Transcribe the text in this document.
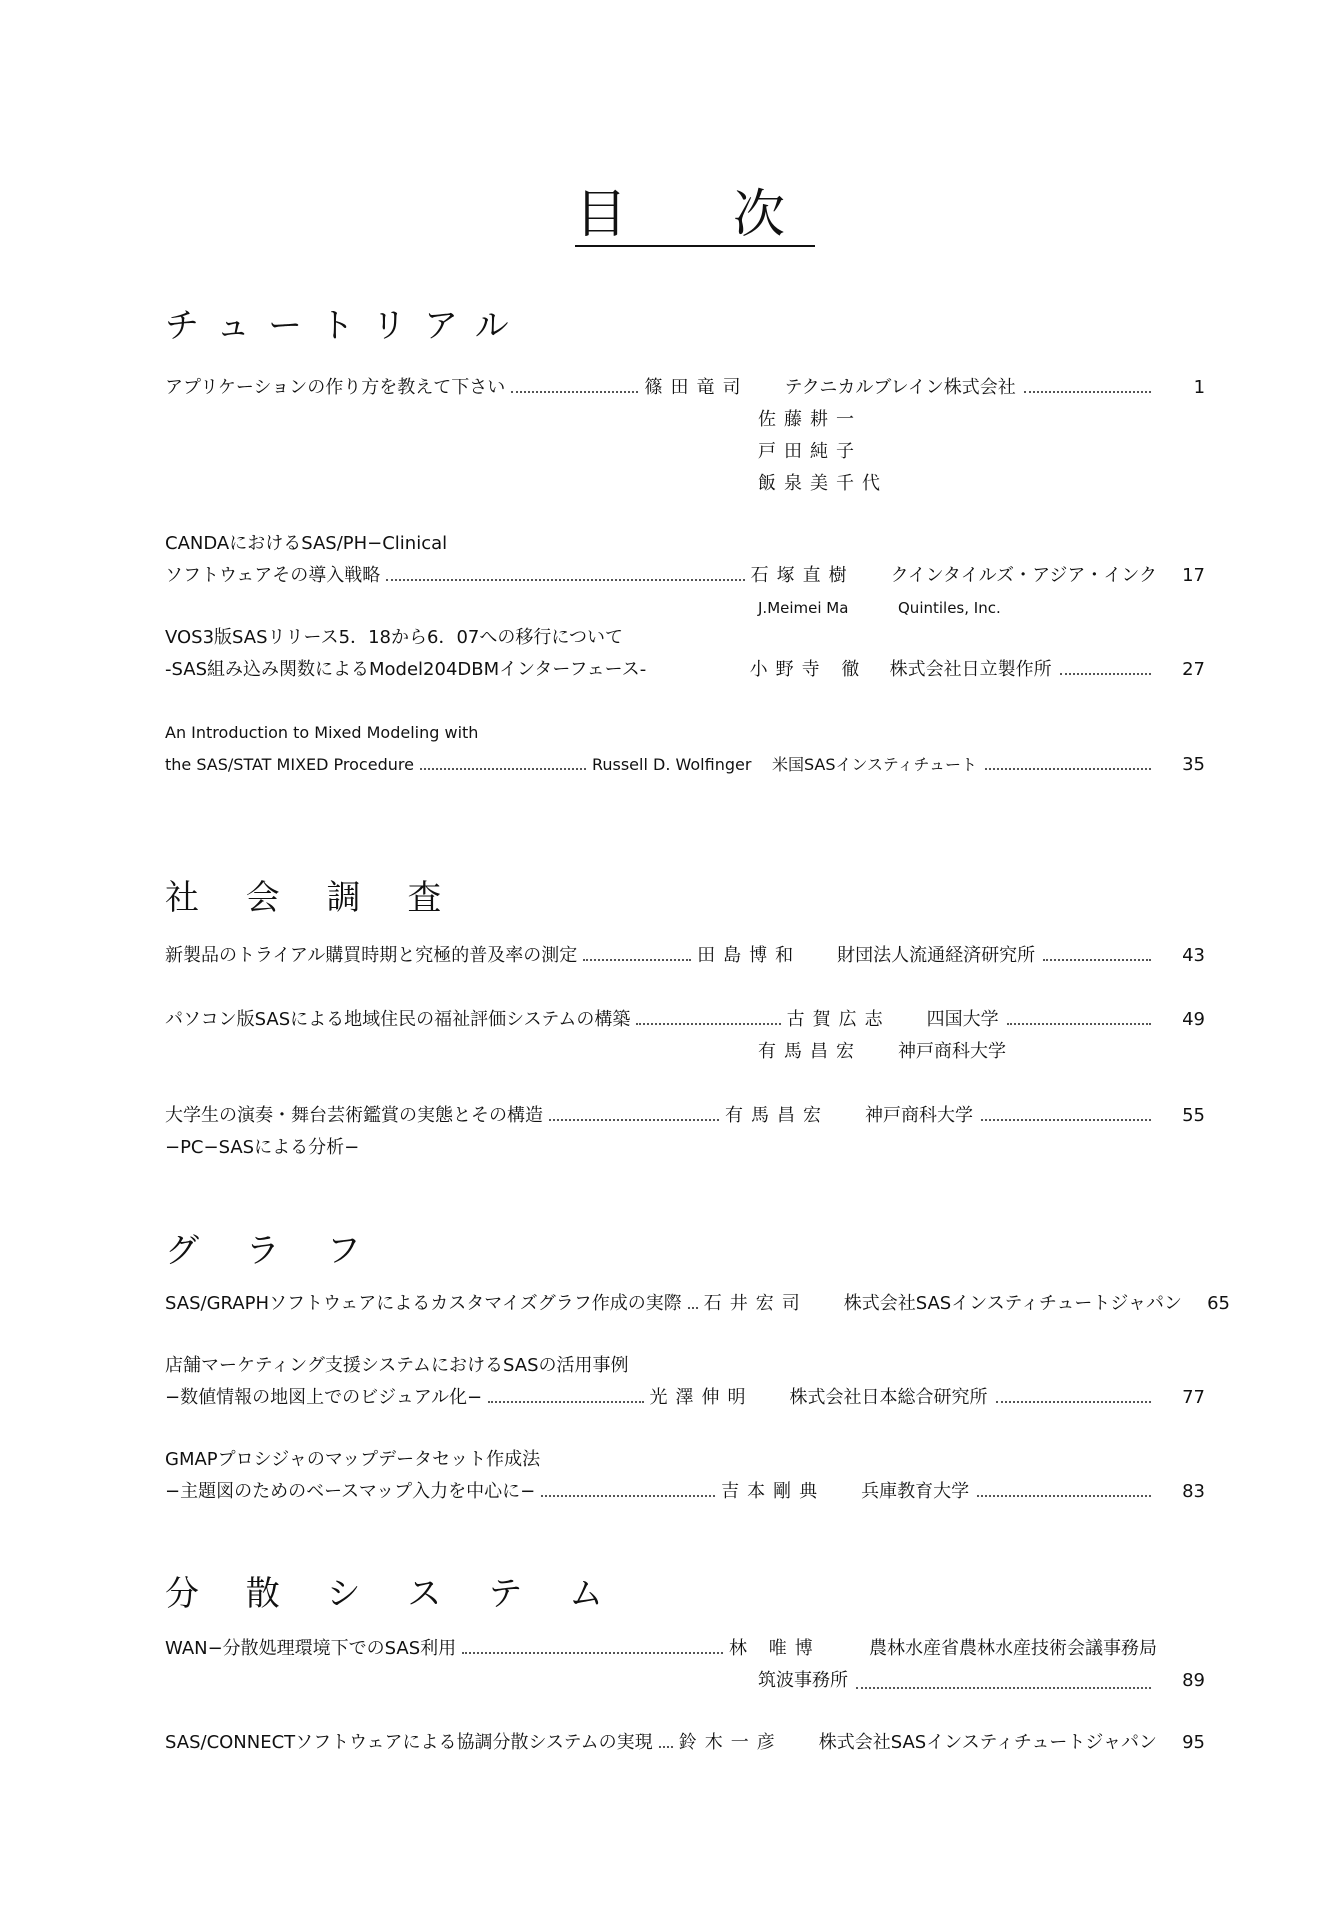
目 次
チュートリアル
アプリケーションの作り方を教えて下さい	篠田竜司	テクニカルブレイン株式会社	1
佐藤耕一
戸田純子
飯泉美千代
CANDAにおけるSAS/PH−Clinical
ソフトウェアその導入戦略	石塚直樹	クインタイルズ・アジア・インク	17
J.Meimei Ma	Quintiles, Inc.
VOS3版SASリリース5．18から6．07への移行について
-SAS組み込み関数によるModel204DBMインターフェース-	小野寺 徹	株式会社日立製作所	27
An Introduction to Mixed Modeling with
the SAS/STAT MIXED Procedure	Russell D. Wolfinger	米国SASインスティチュート	35
社 会 調 査
新製品のトライアル購買時期と究極的普及率の測定	田島博和	財団法人流通経済研究所	43
パソコン版SASによる地域住民の福祉評価システムの構築	古賀広志	四国大学	49
有馬昌宏	神戸商科大学
大学生の演奏・舞台芸術鑑賞の実態とその構造	有馬昌宏	神戸商科大学	55
−PC−SASによる分析−
グ ラ フ
SAS/GRAPHソフトウェアによるカスタマイズグラフ作成の実際 石井宏司	株式会社SASインスティチュートジャパン	65
店舗マーケティング支援システムにおけるSASの活用事例
−数値情報の地図上でのビジュアル化−	光澤伸明	株式会社日本総合研究所	77
GMAPプロシジャのマップデータセット作成法
−主題図のためのベースマップ入力を中心に−	吉本剛典	兵庫教育大学	83
分 散 シ ス テ ム
WAN−分散処理環境下でのSAS利用	林 唯博	農林水産省農林水産技術会議事務局
筑波事務所	89
SAS/CONNECTソフトウェアによる協調分散システムの実現 鈴木一彦	株式会社SASインスティチュートジャパン	95
